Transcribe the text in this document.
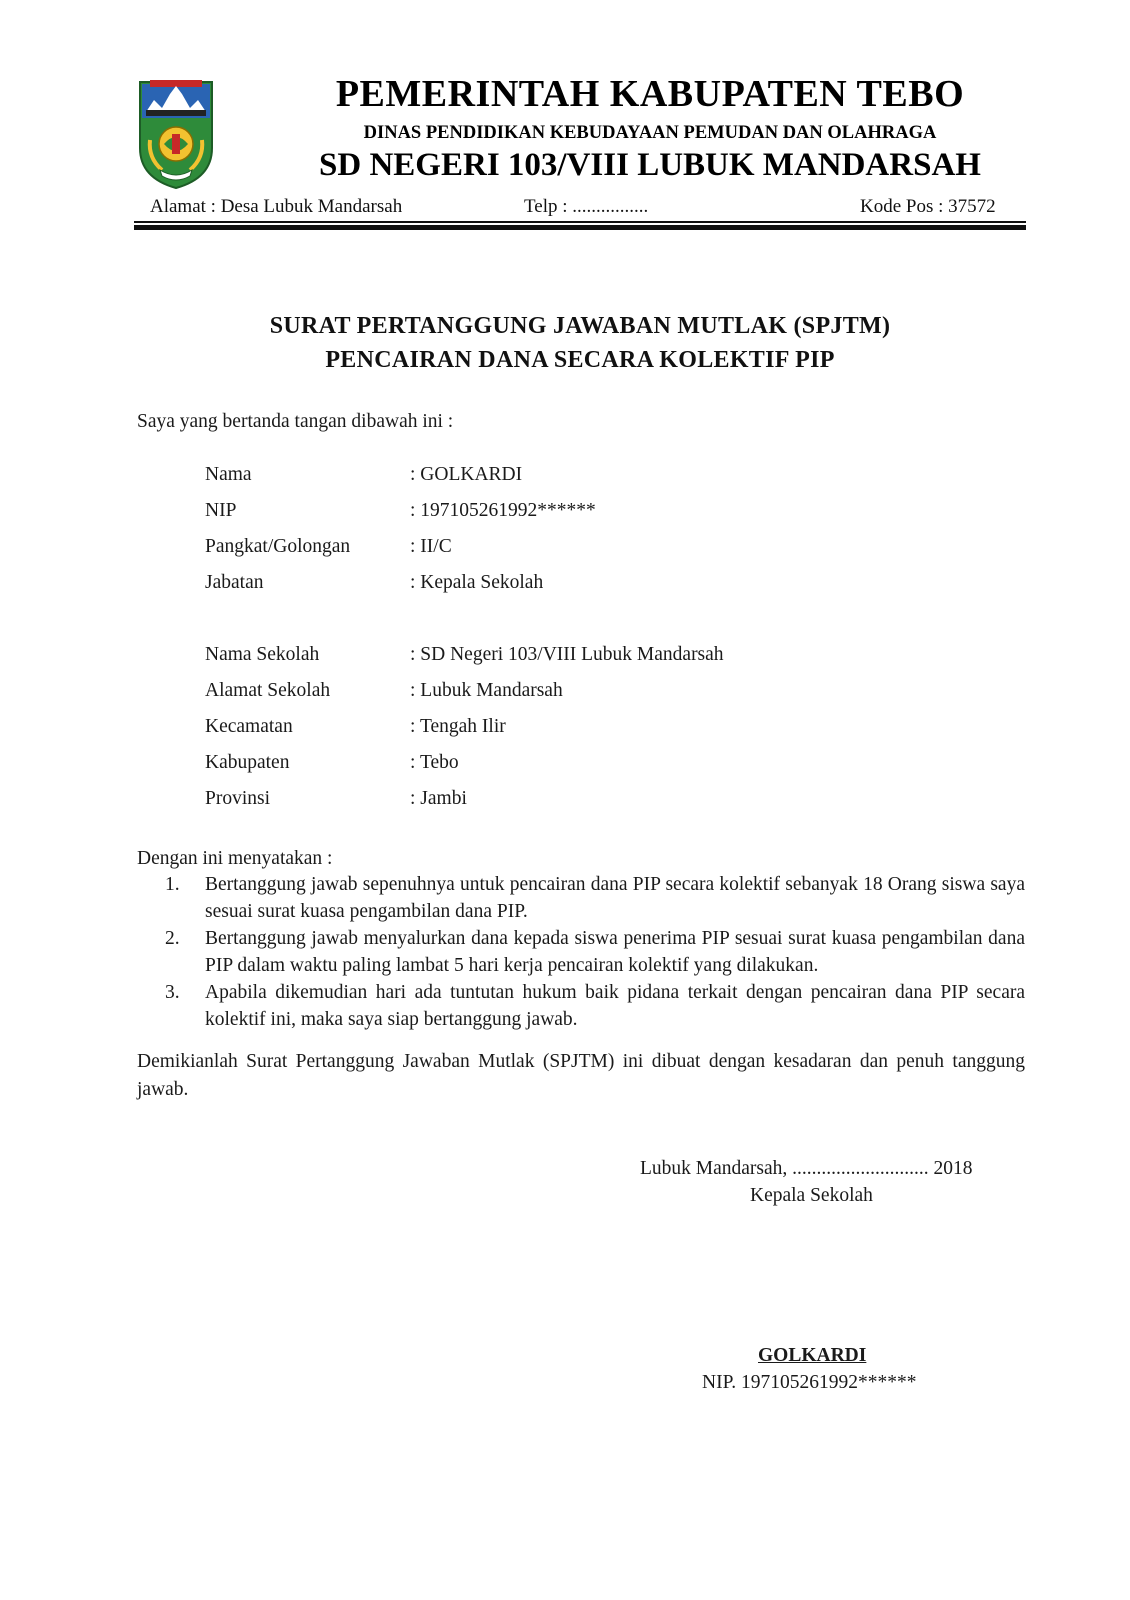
PEMERINTAH KABUPATEN TEBO
DINAS PENDIDIKAN KEBUDAYAAN PEMUDAN DAN OLAHRAGA
SD NEGERI 103/VIII LUBUK MANDARSAH
Alamat : Desa Lubuk Mandarsah	Telp : ................	Kode Pos : 37572
SURAT PERTANGGUNG JAWABAN MUTLAK (SPJTM)
PENCAIRAN DANA SECARA KOLEKTIF PIP
Saya yang bertanda tangan dibawah ini :
Nama	: GOLKARDI
NIP	: 197105261992******
Pangkat/Golongan	: II/C
Jabatan	: Kepala Sekolah
Nama Sekolah	: SD Negeri 103/VIII Lubuk Mandarsah
Alamat Sekolah	: Lubuk Mandarsah
Kecamatan	: Tengah Ilir
Kabupaten	: Tebo
Provinsi	: Jambi
Dengan ini menyatakan :
1.	Bertanggung jawab sepenuhnya untuk pencairan dana PIP secara kolektif sebanyak 18 Orang siswa saya sesuai surat kuasa pengambilan dana PIP.
2.	Bertanggung jawab menyalurkan dana kepada siswa penerima PIP sesuai surat kuasa pengambilan dana PIP dalam waktu paling lambat 5 hari kerja pencairan kolektif yang dilakukan.
3.	Apabila dikemudian hari ada tuntutan hukum baik pidana terkait dengan pencairan dana PIP secara kolektif ini, maka saya siap bertanggung jawab.
Demikianlah Surat Pertanggung Jawaban Mutlak (SPJTM) ini dibuat dengan kesadaran dan penuh tanggung jawab.
Lubuk Mandarsah, ............................ 2018
Kepala Sekolah
GOLKARDI
NIP. 197105261992******
